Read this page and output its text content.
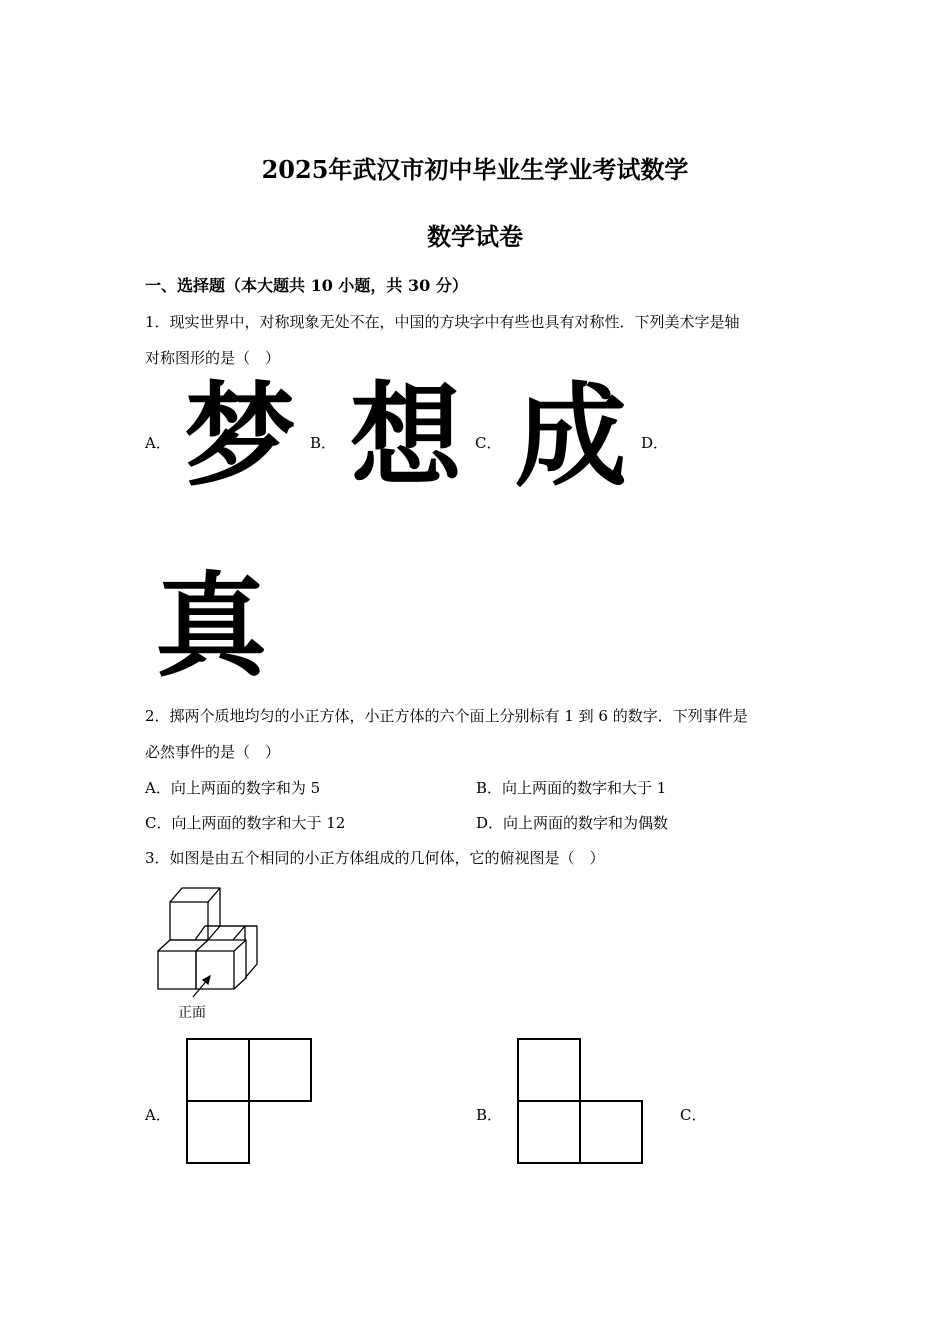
2025年武汉市初中毕业生学业考试数学
数学试卷
一、选择题（本大题共 10 小题，共 30 分）
1．现实世界中，对称现象无处不在，中国的方块字中有些也具有对称性．下列美术字是轴
对称图形的是（　）
A． 梦 B． 想 C． 成 D．
真
2．掷两个质地均匀的小正方体，小正方体的六个面上分别标有 1 到 6 的数字．下列事件是
必然事件的是（　）
A．向上两面的数字和为 5	B．向上两面的数字和大于 1
C．向上两面的数字和大于 12	D．向上两面的数字和为偶数
3．如图是由五个相同的小正方体组成的几何体，它的俯视图是（　）
正面
A．	B．	C．
